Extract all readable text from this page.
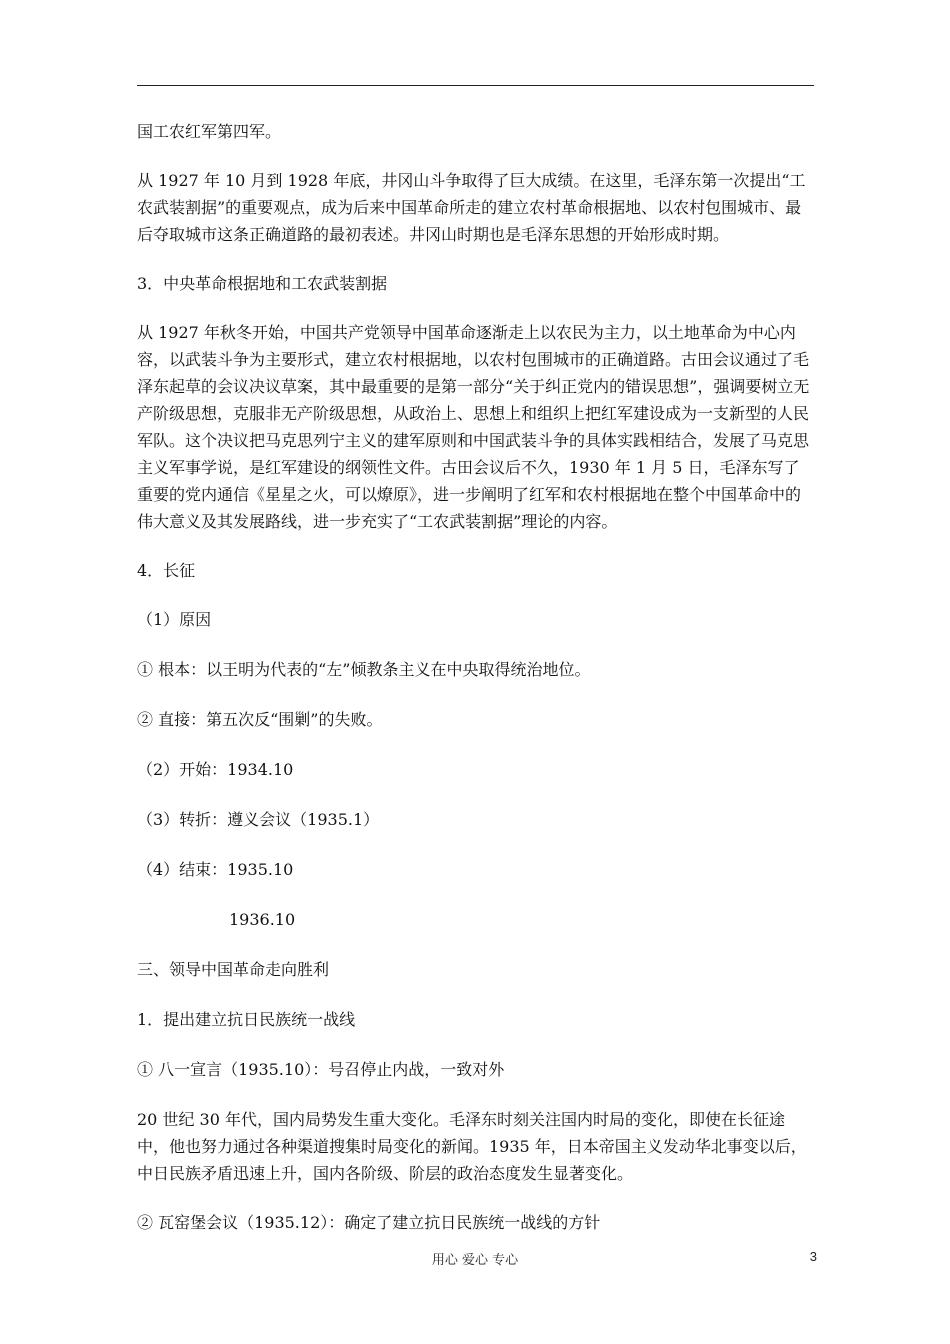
国工农红军第四军。

从 1927 年 10 月到 1928 年底，井冈山斗争取得了巨大成绩。在这里，毛泽东第一次提出“工农武装割据”的重要观点，成为后来中国革命所走的建立农村革命根据地、以农村包围城市、最后夺取城市这条正确道路的最初表述。井冈山时期也是毛泽东思想的开始形成时期。

3．中央革命根据地和工农武装割据

从 1927 年秋冬开始，中国共产党领导中国革命逐渐走上以农民为主力，以土地革命为中心内容，以武装斗争为主要形式，建立农村根据地，以农村包围城市的正确道路。古田会议通过了毛泽东起草的会议决议草案，其中最重要的是第一部分“关于纠正党内的错误思想”，强调要树立无产阶级思想，克服非无产阶级思想，从政治上、思想上和组织上把红军建设成为一支新型的人民军队。这个决议把马克思列宁主义的建军原则和中国武装斗争的具体实践相结合，发展了马克思主义军事学说，是红军建设的纲领性文件。古田会议后不久，1930 年 1 月 5 日，毛泽东写了重要的党内通信《星星之火，可以燎原》，进一步阐明了红军和农村根据地在整个中国革命中的伟大意义及其发展路线，进一步充实了“工农武装割据”理论的内容。

4．长征

（1）原因

① 根本：以王明为代表的“左”倾教条主义在中央取得统治地位。

② 直接：第五次反“围剿”的失败。

（2）开始：1934.10

（3）转折：遵义会议（1935.1）

（4）结束：1935.10

1936.10

三、领导中国革命走向胜利

1．提出建立抗日民族统一战线

① 八一宣言（1935.10）：号召停止内战，一致对外

20 世纪 30 年代，国内局势发生重大变化。毛泽东时刻关注国内时局的变化，即使在长征途中，他也努力通过各种渠道搜集时局变化的新闻。1935 年，日本帝国主义发动华北事变以后，中日民族矛盾迅速上升，国内各阶级、阶层的政治态度发生显著变化。

② 瓦窑堡会议（1935.12）：确定了建立抗日民族统一战线的方针

用心 爱心 专心	3
